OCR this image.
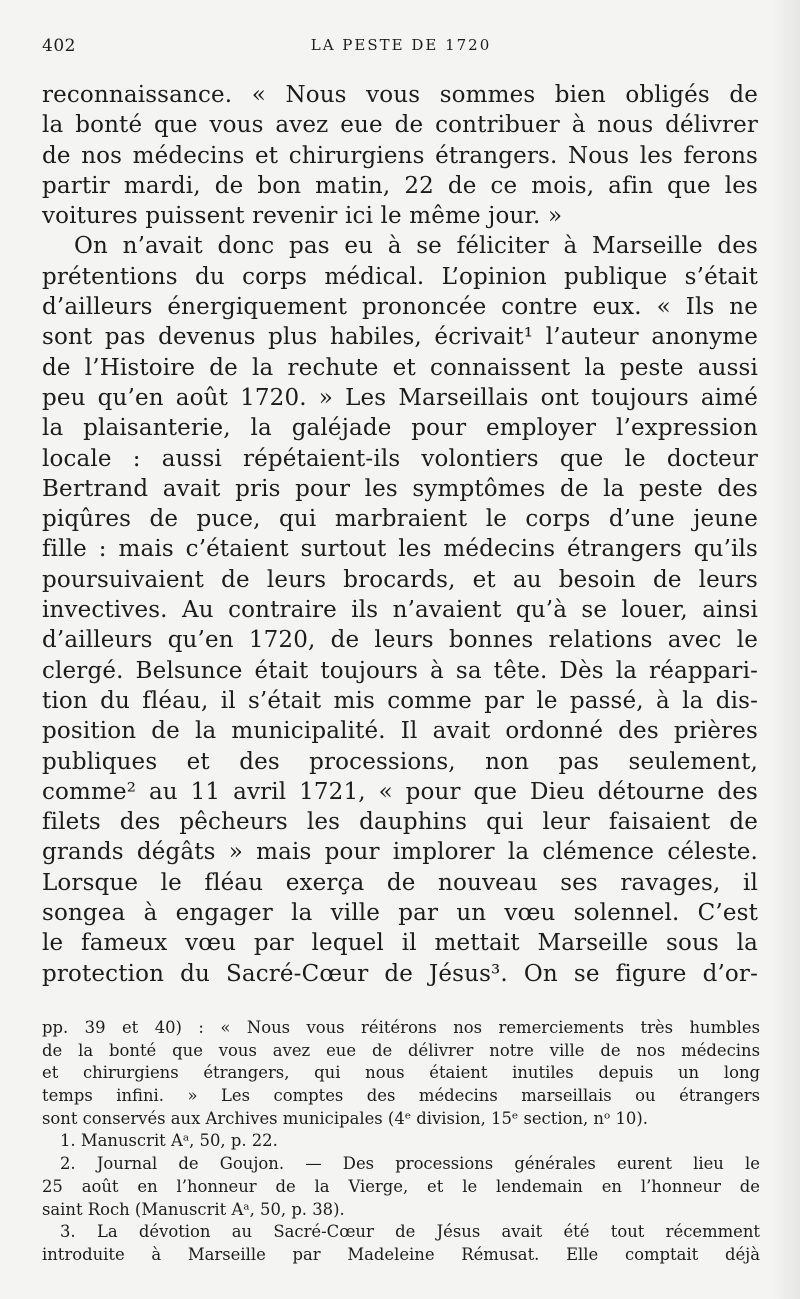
402	LA PESTE DE 1720
reconnaissance. « Nous vous sommes bien obligés de
la bonté que vous avez eue de contribuer à nous délivrer
de nos médecins et chirurgiens étrangers. Nous les ferons
partir mardi, de bon matin, 22 de ce mois, afin que les
voitures puissent revenir ici le même jour. »
On n’avait donc pas eu à se féliciter à Marseille des
prétentions du corps médical. L’opinion publique s’était
d’ailleurs énergiquement prononcée contre eux. « Ils ne
sont pas devenus plus habiles, écrivait¹ l’auteur anonyme
de l’Histoire de la rechute et connaissent la peste aussi
peu qu’en août 1720. » Les Marseillais ont toujours aimé
la plaisanterie, la galéjade pour employer l’expression
locale : aussi répétaient-ils volontiers que le docteur
Bertrand avait pris pour les symptômes de la peste des
piqûres de puce, qui marbraient le corps d’une jeune
fille : mais c’étaient surtout les médecins étrangers qu’ils
poursuivaient de leurs brocards, et au besoin de leurs
invectives. Au contraire ils n’avaient qu’à se louer, ainsi
d’ailleurs qu’en 1720, de leurs bonnes relations avec le
clergé. Belsunce était toujours à sa tête. Dès la réappari-
tion du fléau, il s’était mis comme par le passé, à la dis-
position de la municipalité. Il avait ordonné des prières
publiques et des processions, non pas seulement,
comme² au 11 avril 1721, « pour que Dieu détourne des
filets des pêcheurs les dauphins qui leur faisaient de
grands dégâts » mais pour implorer la clémence céleste.
Lorsque le fléau exerça de nouveau ses ravages, il
songea à engager la ville par un vœu solennel. C’est
le fameux vœu par lequel il mettait Marseille sous la
protection du Sacré-Cœur de Jésus³. On se figure d’or-
pp. 39 et 40) : « Nous vous réitérons nos remerciements très humbles
de la bonté que vous avez eue de délivrer notre ville de nos médecins
et chirurgiens étrangers, qui nous étaient inutiles depuis un long
temps infini. » Les comptes des médecins marseillais ou étrangers
sont conservés aux Archives municipales (4ᵉ division, 15ᵉ section, nᵒ 10).
1. Manuscrit Aᵃ, 50, p. 22.
2. Journal de Goujon. — Des processions générales eurent lieu le
25 août en l’honneur de la Vierge, et le lendemain en l’honneur de
saint Roch (Manuscrit Aᵃ, 50, p. 38).
3. La dévotion au Sacré-Cœur de Jésus avait été tout récemment
introduite à Marseille par Madeleine Rémusat. Elle comptait déjà
